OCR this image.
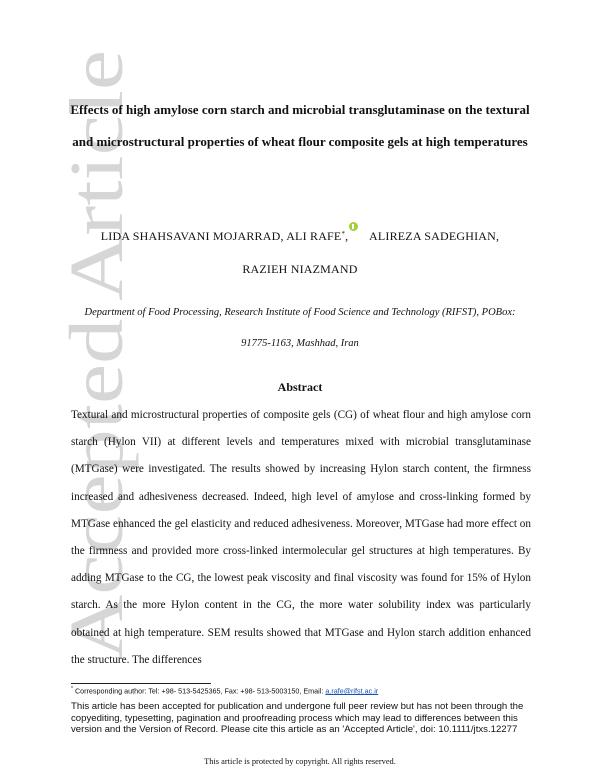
Accepted Article
Effects of high amylose corn starch and microbial transglutaminase on the textural and microstructural properties of wheat flour composite gels at high temperatures
LIDA SHAHSAVANI MOJARRAD, ALI RAFE*, ALIREZA SADEGHIAN, RAZIEH NIAZMAND
Department of Food Processing, Research Institute of Food Science and Technology (RIFST), POBox: 91775-1163, Mashhad, Iran
Abstract

Textural and microstructural properties of composite gels (CG) of wheat flour and high amylose corn starch (Hylon VII) at different levels and temperatures mixed with microbial transglutaminase (MTGase) were investigated. The results showed by increasing Hylon starch content, the firmness increased and adhesiveness decreased. Indeed, high level of amylose and cross-linking formed by MTGase enhanced the gel elasticity and reduced adhesiveness. Moreover, MTGase had more effect on the firmness and provided more cross-linked intermolecular gel structures at high temperatures. By adding MTGase to the CG, the lowest peak viscosity and final viscosity was found for 15% of Hylon starch. As the more Hylon content in the CG, the more water solubility index was particularly obtained at high temperature. SEM results showed that MTGase and Hylon starch addition enhanced the structure. The differences

* Corresponding author: Tel: +98- 513-5425365, Fax: +98- 513-5003150, Email: a.rafe@rifst.ac.ir

This article has been accepted for publication and undergone full peer review but has not been through the copyediting, typesetting, pagination and proofreading process which may lead to differences between this version and the Version of Record. Please cite this article as an 'Accepted Article', doi: 10.1111/jtxs.12277

This article is protected by copyright. All rights reserved.
